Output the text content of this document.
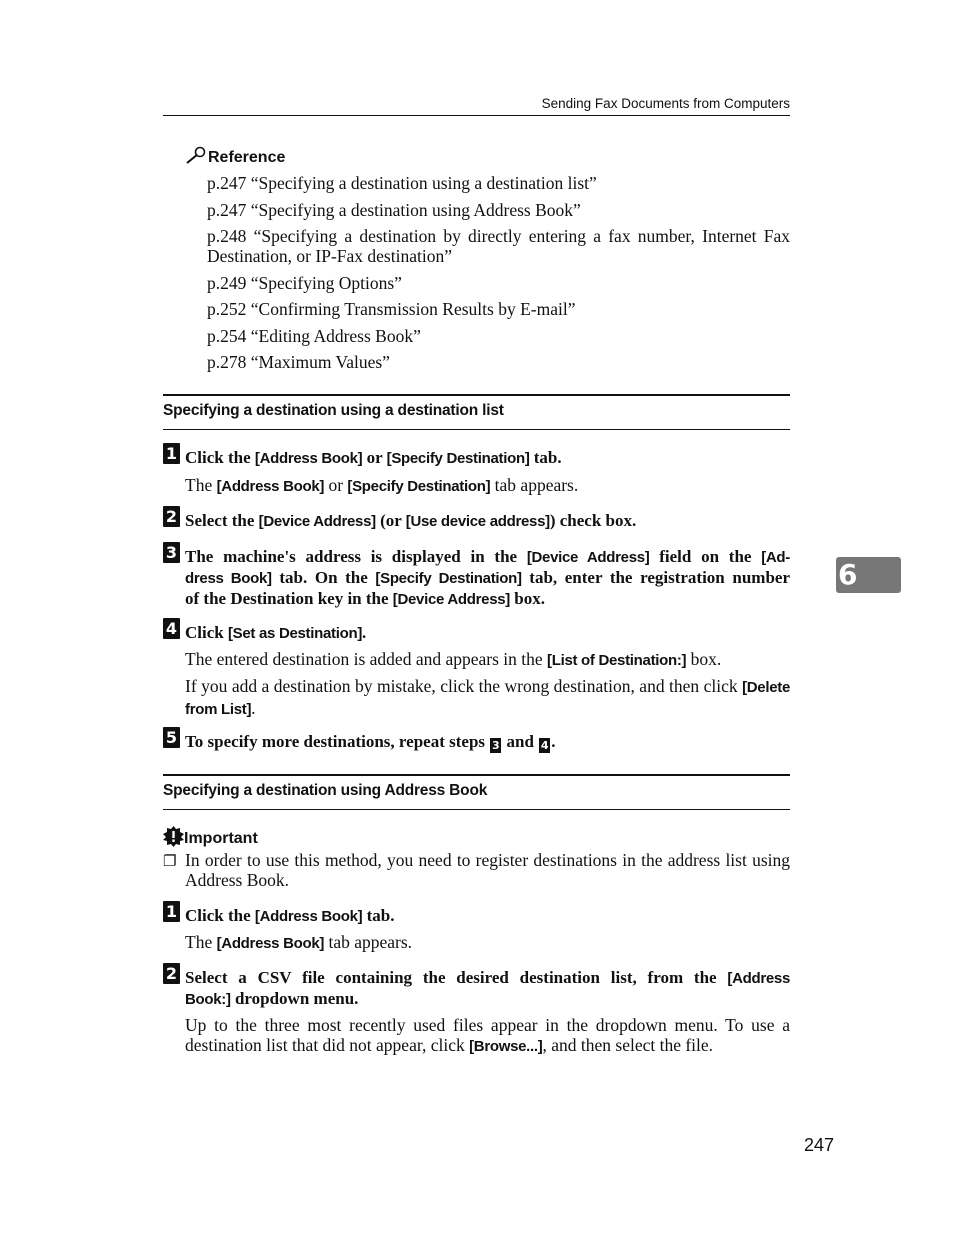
Sending Fax Documents from Computers
Reference
p.247 “Specifying a destination using a destination list”
p.247 “Specifying a destination using Address Book”
p.248 “Specifying a destination by directly entering a fax number, Internet Fax Destination, or IP-Fax destination”
p.249 “Specifying Options”
p.252 “Confirming Transmission Results by E-mail”
p.254 “Editing Address Book”
p.278 “Maximum Values”
Specifying a destination using a destination list
1 Click the [Address Book] or [Specify Destination] tab.
The [Address Book] or [Specify Destination] tab appears.
2 Select the [Device Address] (or [Use device address]) check box.
3 The machine's address is displayed in the [Device Address] field on the [Ad-
dress Book] tab. On the [Specify Destination] tab, enter the registration number
of the Destination key in the [Device Address] box.
4 Click [Set as Destination].
The entered destination is added and appears in the [List of Destination:] box.
If you add a destination by mistake, click the wrong destination, and then click [Delete from List].
5 To specify more destinations, repeat steps 3 and 4 .
Specifying a destination using Address Book
Important
❐ In order to use this method, you need to register destinations in the address list using Address Book.
1 Click the [Address Book] tab.
The [Address Book] tab appears.
2 Select a CSV file containing the desired destination list, from the [Address
Book:] dropdown menu.
Up to the three most recently used files appear in the dropdown menu. To use a destination list that did not appear, click [Browse...], and then select the file.
6
247
